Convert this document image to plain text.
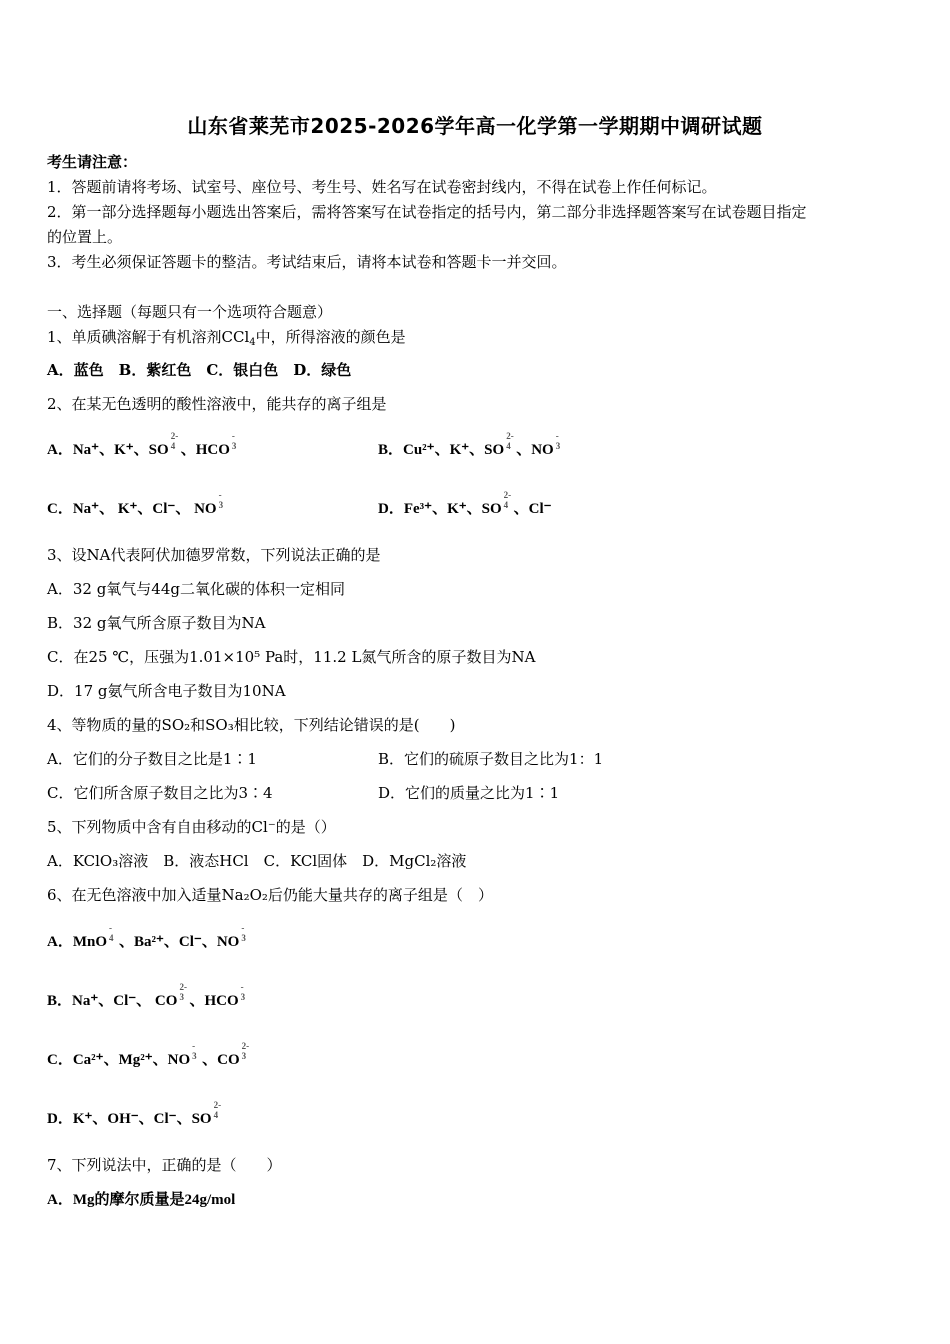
山东省莱芜市2025-2026学年高一化学第一学期期中调研试题
考生请注意：
1．答题前请将考场、试室号、座位号、考生号、姓名写在试卷密封线内，不得在试卷上作任何标记。
2．第一部分选择题每小题选出答案后，需将答案写在试卷指定的括号内，第二部分非选择题答案写在试卷题目指定
的位置上。
3．考生必须保证答题卡的整洁。考试结束后，请将本试卷和答题卡一并交回。
一、选择题（每题只有一个选项符合题意）
1、单质碘溶解于有机溶剂CCl$_4$中，所得溶液的颜色是
A．蓝色　B．紫红色　C．银白色　D．绿色
2、在某无色透明的酸性溶液中，能共存的离子组是
A．Na⁺、K⁺、SO
2-
4 、HCO
-
3	B．Cu²⁺、K⁺、SO
2-
4 、NO
-
3
C．Na⁺、 K⁺、Cl⁻、 NO
-
3	D．Fe³⁺、K⁺、SO
2-
4 、Cl⁻
3、设NA代表阿伏加德罗常数，下列说法正确的是
A．32 g氧气与44g二氧化碳的体积一定相同
B．32 g氧气所含原子数目为NA
C．在25 ℃，压强为1.01×10⁵ Pa时，11.2 L氮气所含的原子数目为NA
D．17 g氨气所含电子数目为10NA
4、等物质的量的SO₂和SO₃相比较，下列结论错误的是(　　)
A．它们的分子数目之比是1∶1	B．它们的硫原子数目之比为1：1
C．它们所含原子数目之比为3∶4	D．它们的质量之比为1∶1
5、下列物质中含有自由移动的Cl⁻的是（）
A．KClO₃溶液　B．液态HCl　C．KCl固体　D．MgCl₂溶液
6、在无色溶液中加入适量Na₂O₂后仍能大量共存的离子组是（　）
A．MnO
-
4 、Ba²⁺、Cl⁻、NO
-
3
B．Na⁺、Cl⁻、 CO
2-
3 、HCO
-
3
C．Ca²⁺、Mg²⁺、NO
-
3 、CO
2-
3
D．K⁺、OH⁻、Cl⁻、SO
2-
4
7、下列说法中，正确的是（　　）
A．Mg的摩尔质量是24g/mol
